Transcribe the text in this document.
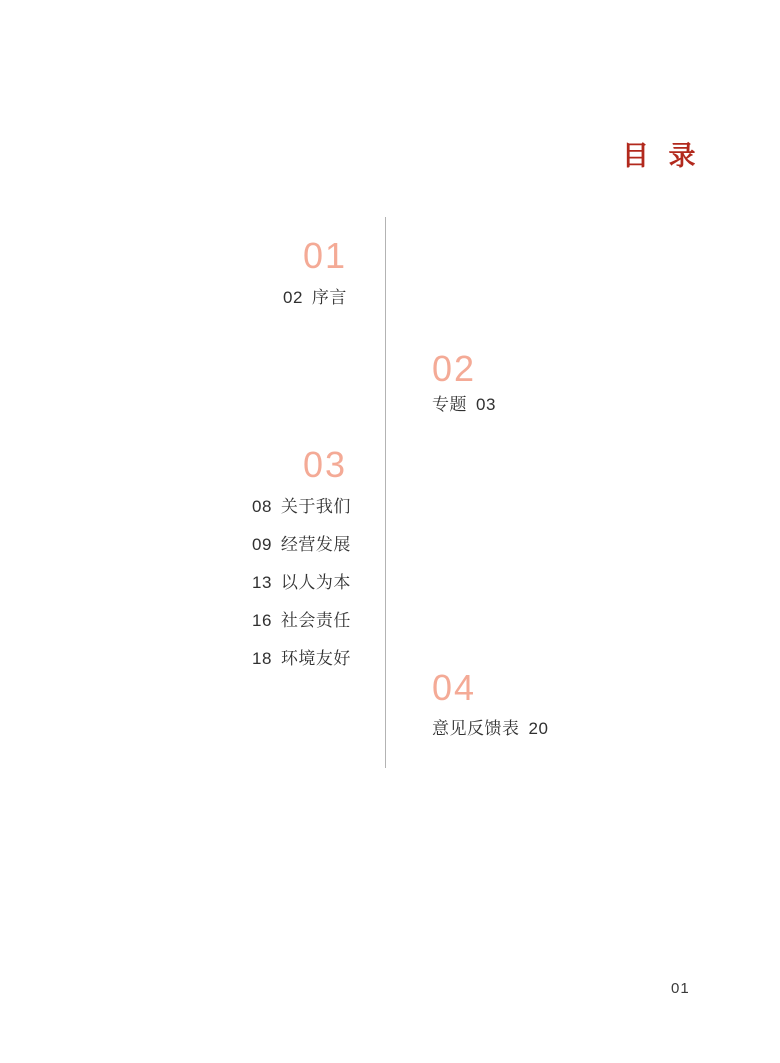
目 录
01
02 序言
02
专题 03
03
08 关于我们
09 经营发展
13 以人为本
16 社会责任
18 环境友好
04
意见反馈表 20
01
